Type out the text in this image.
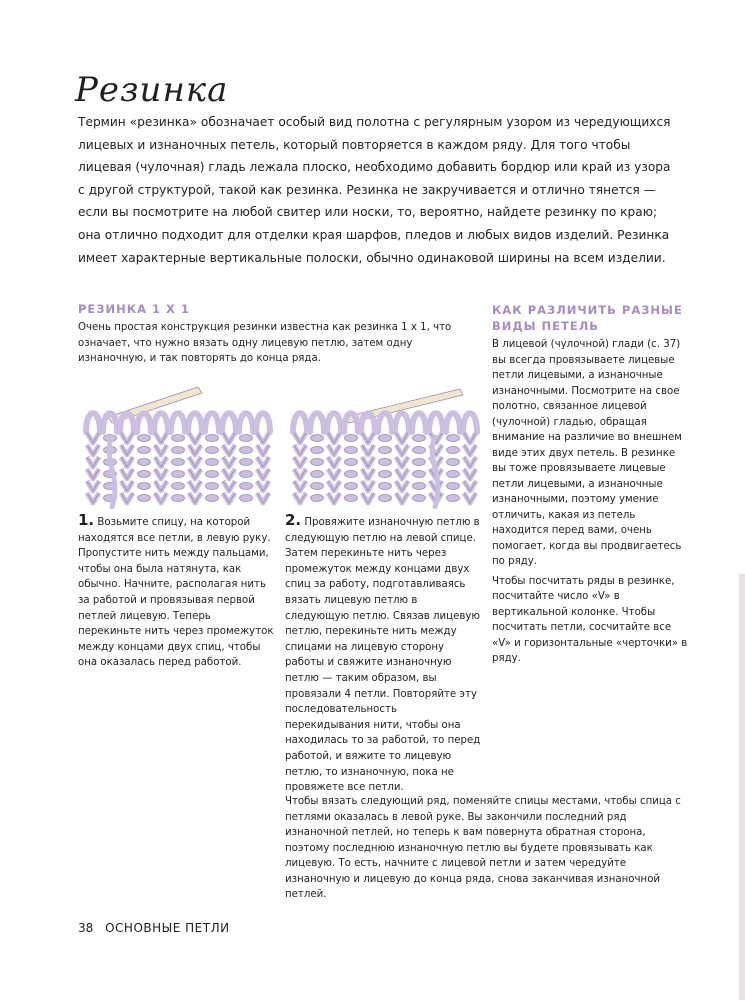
Резинка

Термин «резинка» обозначает особый вид полотна с регулярным узором из чередующихся лицевых и изнаночных петель, который повторяется в каждом ряду. Для того чтобы лицевая (чулочная) гладь лежала плоско, необходимо добавить бордюр или край из узора с другой структурой, такой как резинка. Резинка не закручивается и отлично тянется — если вы посмотрите на любой свитер или носки, то, вероятно, найдете резинку по краю; она отлично подходит для отделки края шарфов, пледов и любых видов изделий. Резинка имеет характерные вертикальные полоски, обычно одинаковой ширины на всем изделии.

РЕЗИНКА 1 Х 1

Очень простая конструкция резинки известна как резинка 1 х 1, что означает, что нужно вязать одну лицевую петлю, затем одну изнаночную, и так повторять до конца ряда.

1. Возьмите спицу, на которой находятся все петли, в левую руку. Пропустите нить между пальцами, чтобы она была натянута, как обычно. Начните, располагая нить за работой и провязывая первой петлей лицевую. Теперь перекиньте нить через промежуток между концами двух спиц, чтобы она оказалась перед работой.

2. Провяжите изнаночную петлю в следующую петлю на левой спице. Затем перекиньте нить через промежуток между концами двух спиц за работу, подготавливаясь вязать лицевую петлю в следующую петлю. Связав лицевую петлю, перекиньте нить между спицами на лицевую сторону работы и свяжите изнаночную петлю — таким образом, вы провязали 4 петли. Повторяйте эту последовательность перекидывания нити, чтобы она находилась то за работой, то перед работой, и вяжите то лицевую петлю, то изнаночную, пока не провяжете все петли.

КАК РАЗЛИЧИТЬ РАЗНЫЕ ВИДЫ ПЕТЕЛЬ

В лицевой (чулочной) глади (с. 37) вы всегда провязываете лицевые петли лицевыми, а изнаночные изнаночными. Посмотрите на свое полотно, связанное лицевой (чулочной) гладью, обращая внимание на различие во внешнем виде этих двух петель. В резинке вы тоже провязываете лицевые петли лицевыми, а изнаночные изнаночными, поэтому умение отличить, какая из петель находится перед вами, очень помогает, когда вы продвигаетесь по ряду.

Чтобы посчитать ряды в резинке, посчитайте число «V» в вертикальной колонке. Чтобы посчитать петли, сосчитайте все «V» и горизонтальные «черточки» в ряду.

Чтобы вязать следующий ряд, поменяйте спицы местами, чтобы спица с петлями оказалась в левой руке. Вы закончили последний ряд изнаночной петлей, но теперь к вам повернута обратная сторона, поэтому последнюю изнаночную петлю вы будете провязывать как лицевую. То есть, начните с лицевой петли и затем чередуйте изнаночную и лицевую до конца ряда, снова заканчивая изнаночной петлей.

38 ОСНОВНЫЕ ПЕТЛИ
